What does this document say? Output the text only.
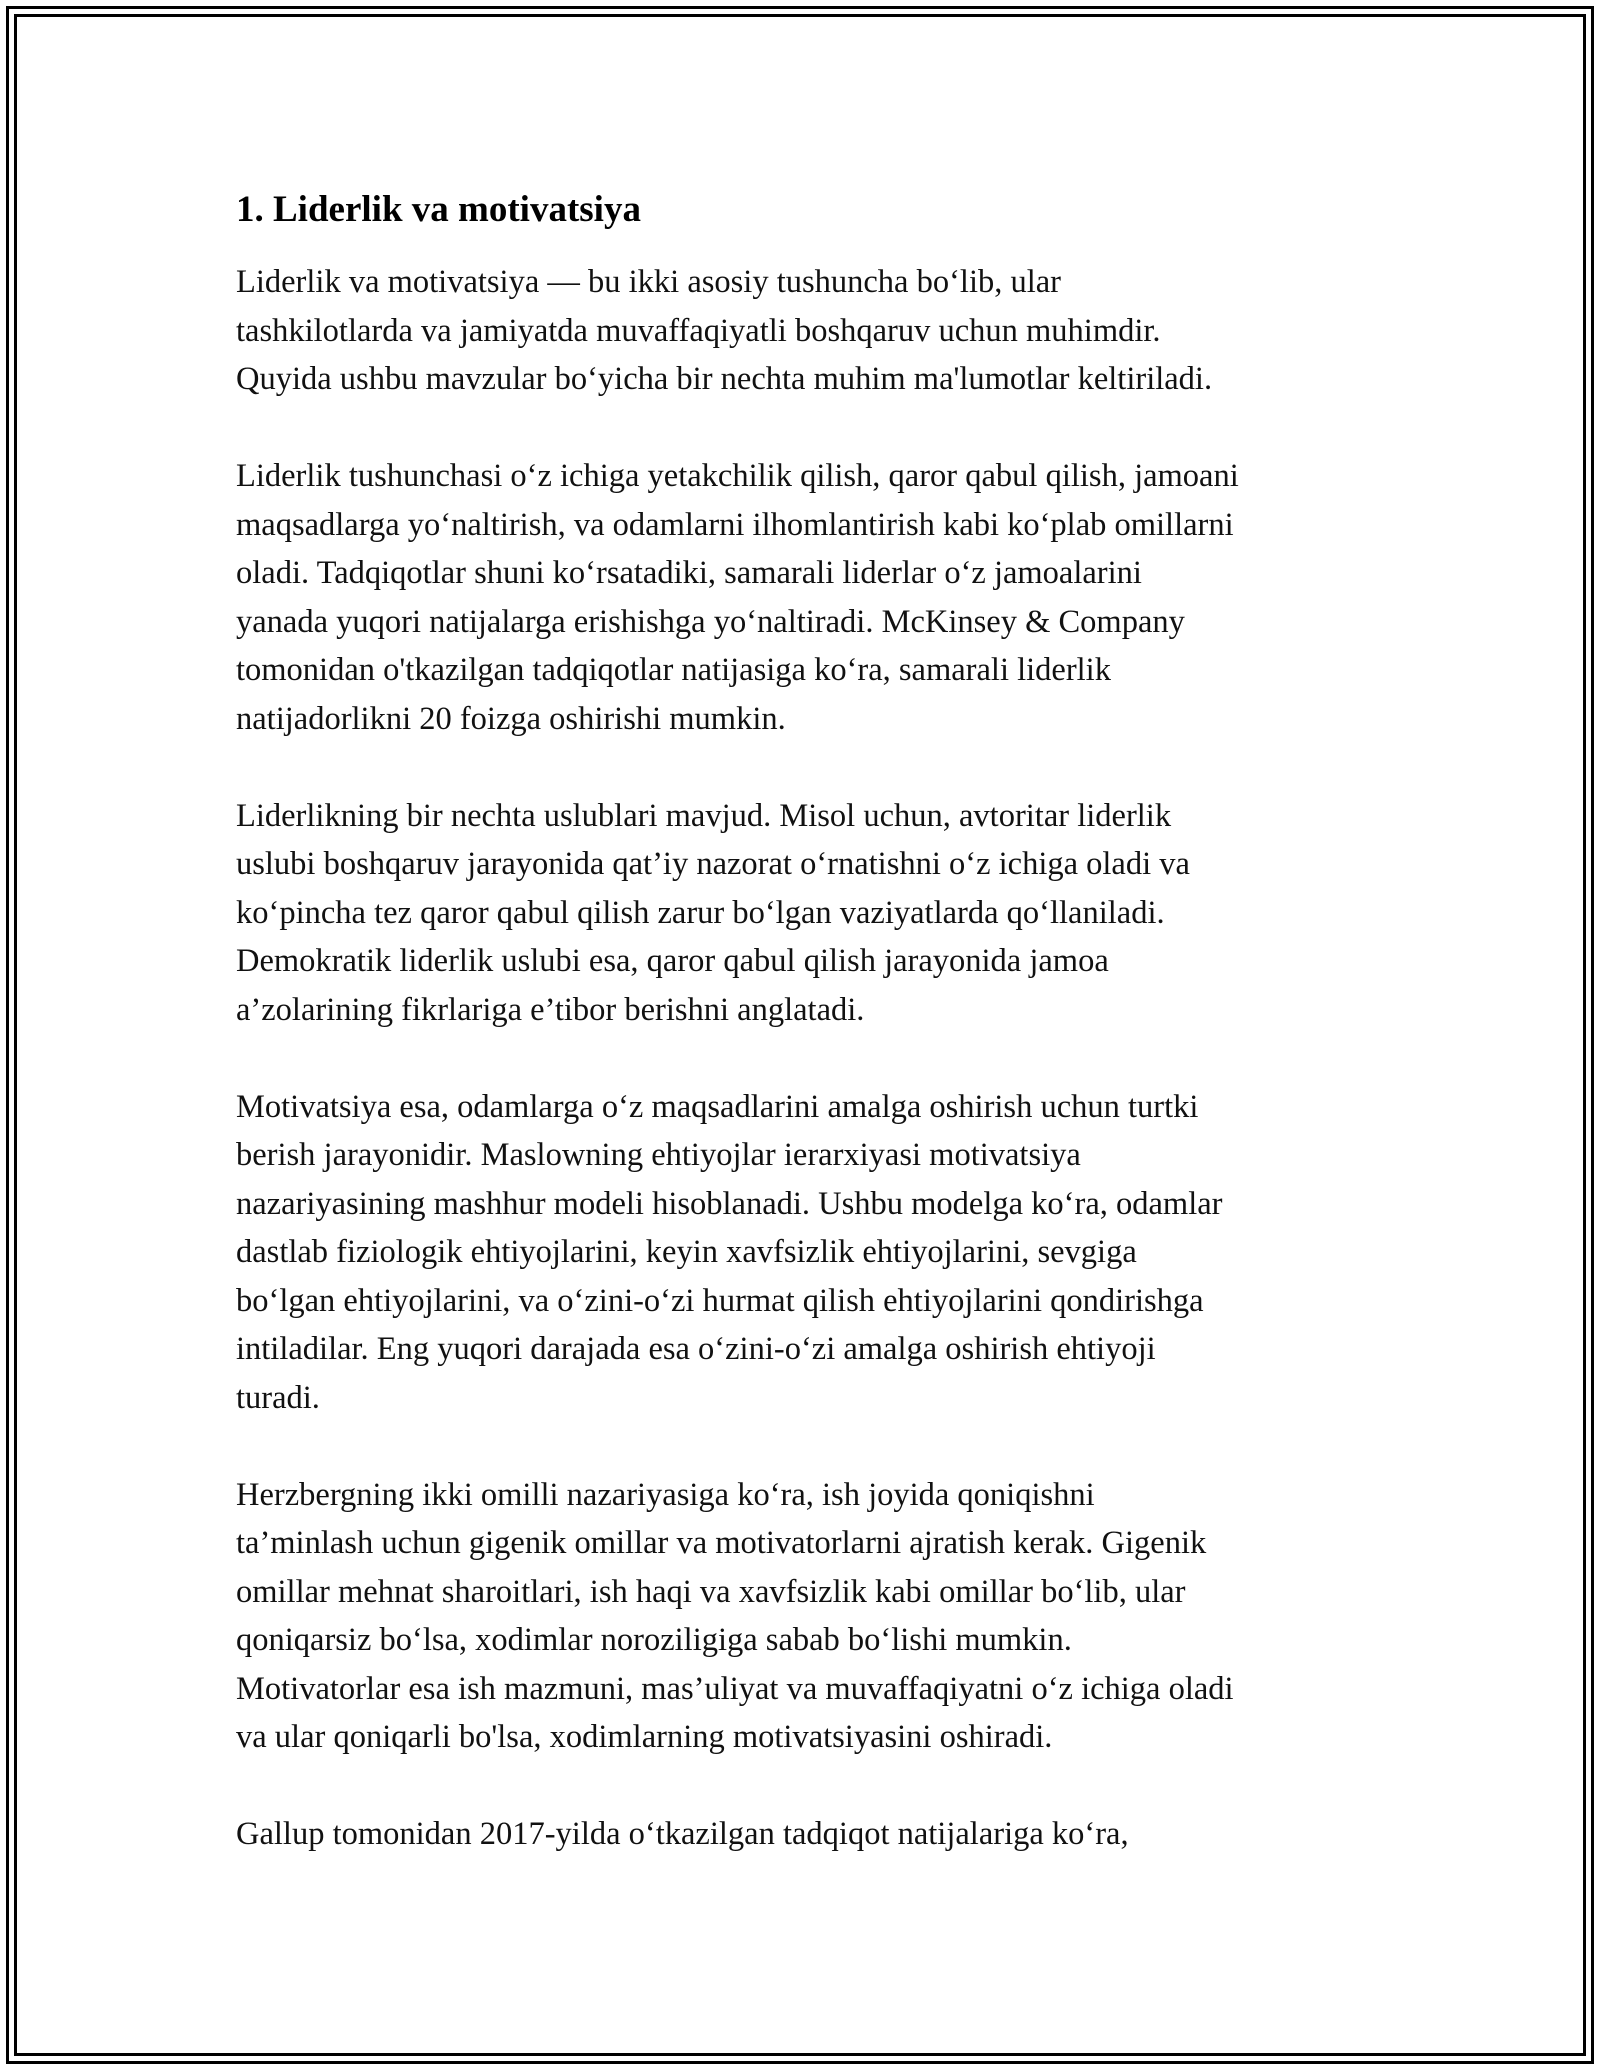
1. Liderlik va motivatsiya
Liderlik va motivatsiya — bu ikki asosiy tushuncha bo‘lib, ular
tashkilotlarda va jamiyatda muvaffaqiyatli boshqaruv uchun muhimdir.
Quyida ushbu mavzular bo‘yicha bir nechta muhim ma'lumotlar keltiriladi.
Liderlik tushunchasi o‘z ichiga yetakchilik qilish, qaror qabul qilish, jamoani
maqsadlarga yo‘naltirish, va odamlarni ilhomlantirish kabi ko‘plab omillarni
oladi. Tadqiqotlar shuni ko‘rsatadiki, samarali liderlar o‘z jamoalarini
yanada yuqori natijalarga erishishga yo‘naltiradi. McKinsey & Company
tomonidan o'tkazilgan tadqiqotlar natijasiga ko‘ra, samarali liderlik
natijadorlikni 20 foizga oshirishi mumkin.
Liderlikning bir nechta uslublari mavjud. Misol uchun, avtoritar liderlik
uslubi boshqaruv jarayonida qat’iy nazorat o‘rnatishni o‘z ichiga oladi va
ko‘pincha tez qaror qabul qilish zarur bo‘lgan vaziyatlarda qo‘llaniladi.
Demokratik liderlik uslubi esa, qaror qabul qilish jarayonida jamoa
a’zolarining fikrlariga e’tibor berishni anglatadi.
Motivatsiya esa, odamlarga o‘z maqsadlarini amalga oshirish uchun turtki
berish jarayonidir. Maslowning ehtiyojlar ierarxiyasi motivatsiya
nazariyasining mashhur modeli hisoblanadi. Ushbu modelga ko‘ra, odamlar
dastlab fiziologik ehtiyojlarini, keyin xavfsizlik ehtiyojlarini, sevgiga
bo‘lgan ehtiyojlarini, va o‘zini-o‘zi hurmat qilish ehtiyojlarini qondirishga
intiladilar. Eng yuqori darajada esa o‘zini-o‘zi amalga oshirish ehtiyoji
turadi.
Herzbergning ikki omilli nazariyasiga ko‘ra, ish joyida qoniqishni
ta’minlash uchun gigenik omillar va motivatorlarni ajratish kerak. Gigenik
omillar mehnat sharoitlari, ish haqi va xavfsizlik kabi omillar bo‘lib, ular
qoniqarsiz bo‘lsa, xodimlar noroziligiga sabab bo‘lishi mumkin.
Motivatorlar esa ish mazmuni, mas’uliyat va muvaffaqiyatni o‘z ichiga oladi
va ular qoniqarli bo'lsa, xodimlarning motivatsiyasini oshiradi.
Gallup tomonidan 2017-yilda o‘tkazilgan tadqiqot natijalariga ko‘ra,
